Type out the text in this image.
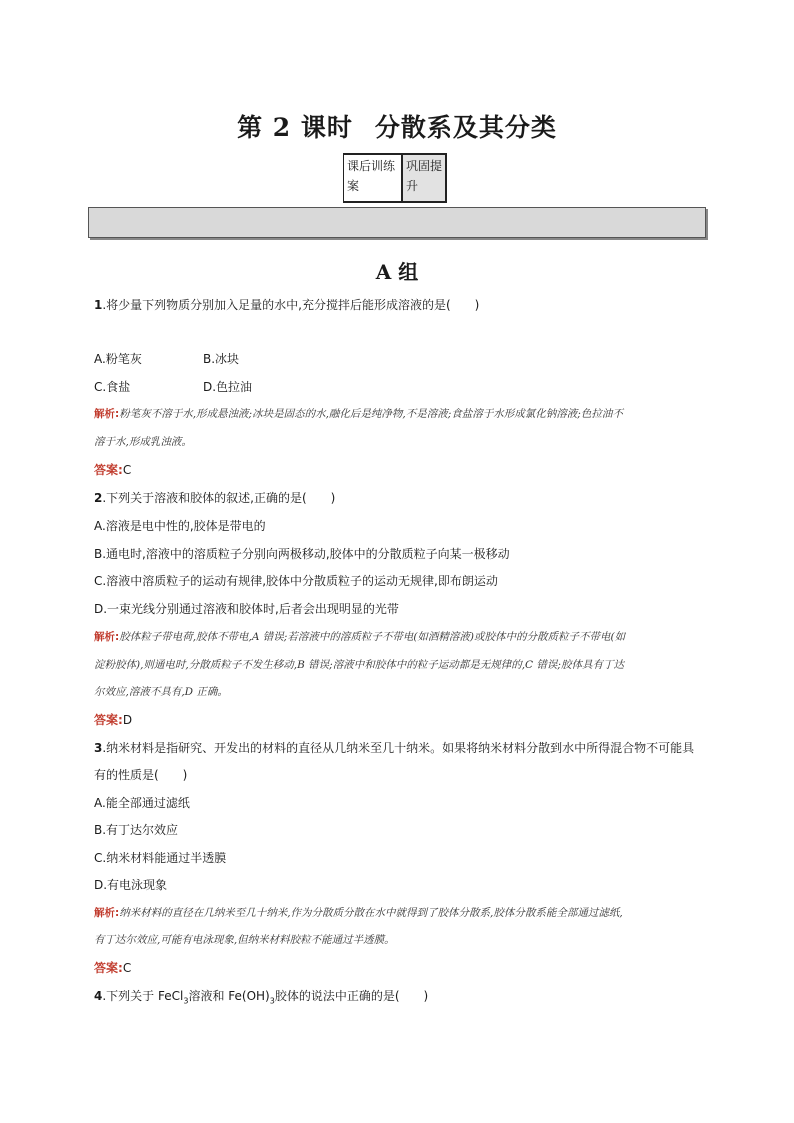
第 2 课时 分散系及其分类
课后训练
案
巩固提
升
A 组
1.将少量下列物质分别加入足量的水中,充分搅拌后能形成溶液的是(　　)
A.粉笔灰	B.冰块
C.食盐	D.色拉油
解析:粉笔灰不溶于水,形成悬浊液;冰块是固态的水,融化后是纯净物,不是溶液;食盐溶于水形成氯化钠溶液;色拉油不
溶于水,形成乳浊液。
答案:C
2.下列关于溶液和胶体的叙述,正确的是(　　)
A.溶液是电中性的,胶体是带电的
B.通电时,溶液中的溶质粒子分别向两极移动,胶体中的分散质粒子向某一极移动
C.溶液中溶质粒子的运动有规律,胶体中分散质粒子的运动无规律,即布朗运动
D.一束光线分别通过溶液和胶体时,后者会出现明显的光带
解析:胶体粒子带电荷,胶体不带电,A 错误;若溶液中的溶质粒子不带电(如酒精溶液)或胶体中的分散质粒子不带电(如
淀粉胶体),则通电时,分散质粒子不发生移动,B 错误;溶液中和胶体中的粒子运动都是无规律的,C 错误;胶体具有丁达
尔效应,溶液不具有,D 正确。
答案:D
3.纳米材料是指研究、开发出的材料的直径从几纳米至几十纳米。如果将纳米材料分散到水中所得混合物不可能具
有的性质是(　　)
A.能全部通过滤纸
B.有丁达尔效应
C.纳米材料能通过半透膜
D.有电泳现象
解析:纳米材料的直径在几纳米至几十纳米,作为分散质分散在水中就得到了胶体分散系,胶体分散系能全部通过滤纸,
有丁达尔效应,可能有电泳现象,但纳米材料胶粒不能通过半透膜。
答案:C
4.下列关于 FeCl$_3$溶液和 $Fe(OH)_3$胶体的说法中正确的是(　　)
